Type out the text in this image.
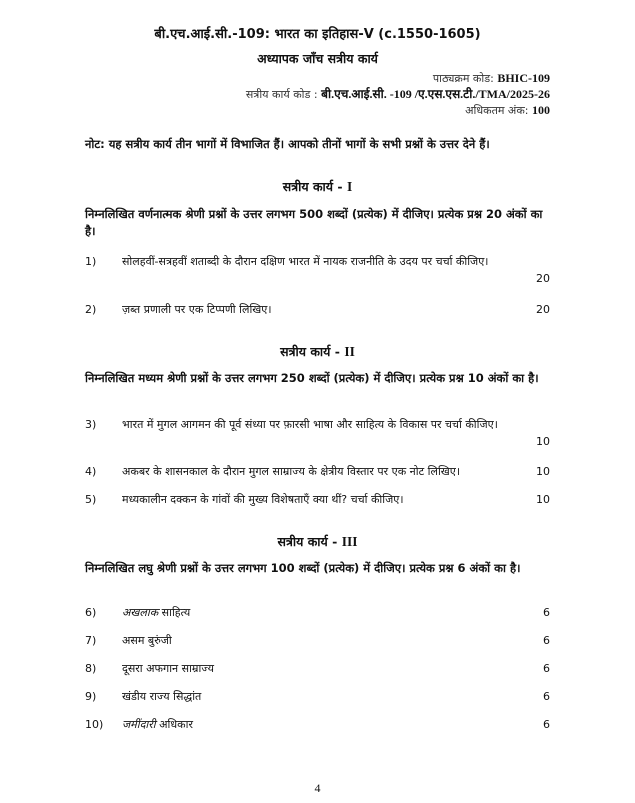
बी.एच.आई.सी.-109: भारत का इतिहास-V (c.1550-1605)
अध्यापक जाँच सत्रीय कार्य
पाठ्यक्रम कोड: BHIC-109
सत्रीय कार्य कोड : बी.एच.आई.सी. -109 /ए.एस.एस.टी./TMA/2025-26
अधिकतम अंक: 100
नोट: यह सत्रीय कार्य तीन भागों में विभाजित हैं। आपको तीनों भागों के सभी प्रश्नों के उत्तर देने हैं।
सत्रीय कार्य - I
निम्नलिखित वर्णनात्मक श्रेणी प्रश्नों के उत्तर लगभग 500 शब्दों (प्रत्येक) में दीजिए। प्रत्येक प्रश्न 20 अंकों का है।
1) सोलहवीं-सत्रहवीं शताब्दी के दौरान दक्षिण भारत में नायक राजनीति के उदय पर चर्चा कीजिए।
20
2) ज़ब्त प्रणाली पर एक टिप्पणी लिखिए।	20
सत्रीय कार्य - II
निम्नलिखित मध्यम श्रेणी प्रश्नों के उत्तर लगभग 250 शब्दों (प्रत्येक) में दीजिए। प्रत्येक प्रश्न 10 अंकों का है।
3) भारत में मुगल आगमन की पूर्व संध्या पर फ़ारसी भाषा और साहित्य के विकास पर चर्चा कीजिए।
10
4) अकबर के शासनकाल के दौरान मुगल साम्राज्य के क्षेत्रीय विस्तार पर एक नोट लिखिए।	10
5) मध्यकालीन दक्कन के गांवों की मुख्य विशेषताएँ क्या थीं? चर्चा कीजिए।	10
सत्रीय कार्य - III
निम्नलिखित लघु श्रेणी प्रश्नों के उत्तर लगभग 100 शब्दों (प्रत्येक) में दीजिए। प्रत्येक प्रश्न 6 अंकों का है।
6) अखलाक साहित्य	6
7) असम बुरुंजी	6
8) दूसरा अफगान साम्राज्य	6
9) खंडीय राज्य सिद्धांत	6
10) जमींदारी अधिकार	6
4
